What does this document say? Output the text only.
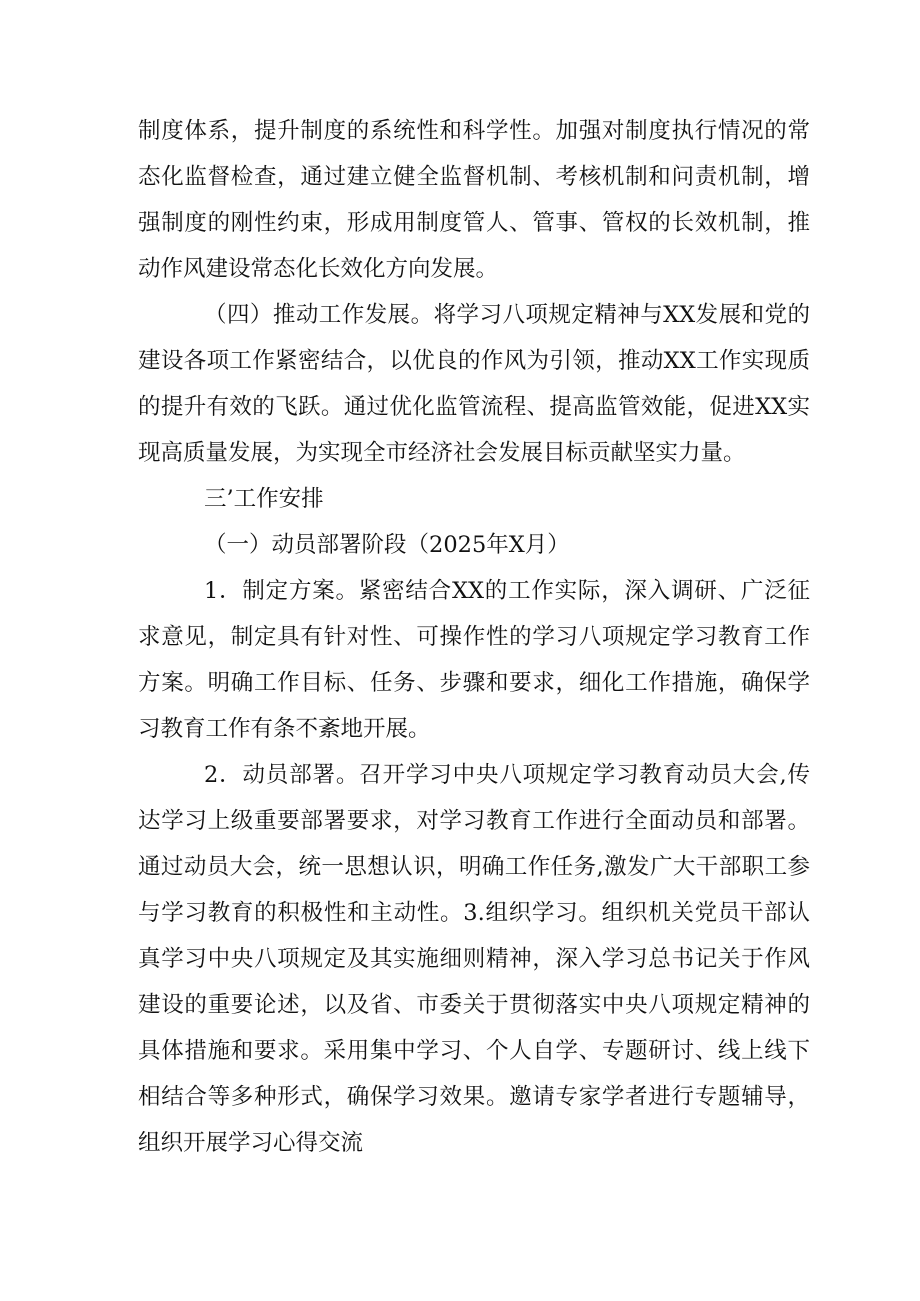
制度体系，提升制度的系统性和科学性。加强对制度执行情况的常态化监督检查，通过建立健全监督机制、考核机制和问责机制，增强制度的刚性约束，形成用制度管人、管事、管权的长效机制，推动作风建设常态化长效化方向发展。

（四）推动工作发展。将学习八项规定精神与XX发展和党的建设各项工作紧密结合，以优良的作风为引领，推动XX工作实现质的提升有效的飞跃。通过优化监管流程、提高监管效能，促进XX实现高质量发展，为实现全市经济社会发展目标贡献坚实力量。

三’工作安排

（一）动员部署阶段（2025年X月）

1．制定方案。紧密结合XX的工作实际，深入调研、广泛征求意见，制定具有针对性、可操作性的学习八项规定学习教育工作方案。明确工作目标、任务、步骤和要求，细化工作措施，确保学习教育工作有条不紊地开展。

2．动员部署。召开学习中央八项规定学习教育动员大会,传达学习上级重要部署要求，对学习教育工作进行全面动员和部署。通过动员大会，统一思想认识，明确工作任务,激发广大干部职工参与学习教育的积极性和主动性。3.组织学习。组织机关党员干部认真学习中央八项规定及其实施细则精神，深入学习总书记关于作风建设的重要论述，以及省、市委关于贯彻落实中央八项规定精神的具体措施和要求。采用集中学习、个人自学、专题研讨、线上线下相结合等多种形式，确保学习效果。邀请专家学者进行专题辅导，组织开展学习心得交流
